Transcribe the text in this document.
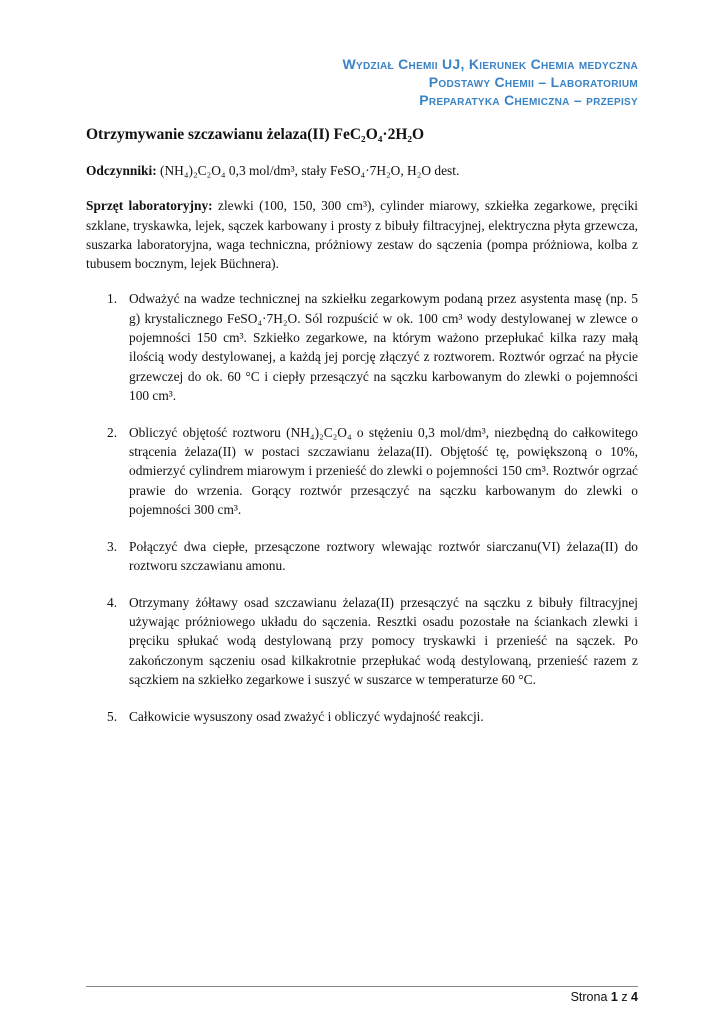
Wydział Chemii UJ, Kierunek Chemia medyczna
Podstawy Chemii – Laboratorium
Preparatyka Chemiczna – przepisy
Otrzymywanie szczawianu żelaza(II) FeC₂O₄·2H₂O

Odczynniki: (NH₄)₂C₂O₄ 0,3 mol/dm³, stały FeSO₄·7H₂O, H₂O dest.

Sprzęt laboratoryjny: zlewki (100, 150, 300 cm³), cylinder miarowy, szkiełka zegarkowe, pręciki szklane, tryskawka, lejek, sączek karbowany i prosty z bibuły filtracyjnej, elektryczna płyta grzewcza, suszarka laboratoryjna, waga techniczna, próżniowy zestaw do sączenia (pompa próżniowa, kolba z tubusem bocznym, lejek Büchnera).

1. Odważyć na wadze technicznej na szkiełku zegarkowym podaną przez asystenta masę (np. 5 g) krystalicznego FeSO₄·7H₂O. Sól rozpuścić w ok. 100 cm³ wody destylowanej w zlewce o pojemności 150 cm³. Szkiełko zegarkowe, na którym ważono przepłukać kilka razy małą ilością wody destylowanej, a każdą jej porcję złączyć z roztworem. Roztwór ogrzać na płycie grzewczej do ok. 60 °C i ciepły przesączyć na sączku karbowanym do zlewki o pojemności 100 cm³.
2. Obliczyć objętość roztworu (NH₄)₂C₂O₄ o stężeniu 0,3 mol/dm³, niezbędną do całkowitego strącenia żelaza(II) w postaci szczawianu żelaza(II). Objętość tę, powiększoną o 10%, odmierzyć cylindrem miarowym i przenieść do zlewki o pojemności 150 cm³. Roztwór ogrzać prawie do wrzenia. Gorący roztwór przesączyć na sączku karbowanym do zlewki o pojemności 300 cm³.
3. Połączyć dwa ciepłe, przesączone roztwory wlewając roztwór siarczanu(VI) żelaza(II) do roztworu szczawianu amonu.
4. Otrzymany żółtawy osad szczawianu żelaza(II) przesączyć na sączku z bibuły filtracyjnej używając próżniowego układu do sączenia. Resztki osadu pozostałe na ściankach zlewki i pręciku spłukać wodą destylowaną przy pomocy tryskawki i przenieść na sączek. Po zakończonym sączeniu osad kilkakrotnie przepłukać wodą destylowaną, przenieść razem z sączkiem na szkiełko zegarkowe i suszyć w suszarce w temperaturze 60 °C.
5. Całkowicie wysuszony osad zważyć i obliczyć wydajność reakcji.
Strona 1 z 4
